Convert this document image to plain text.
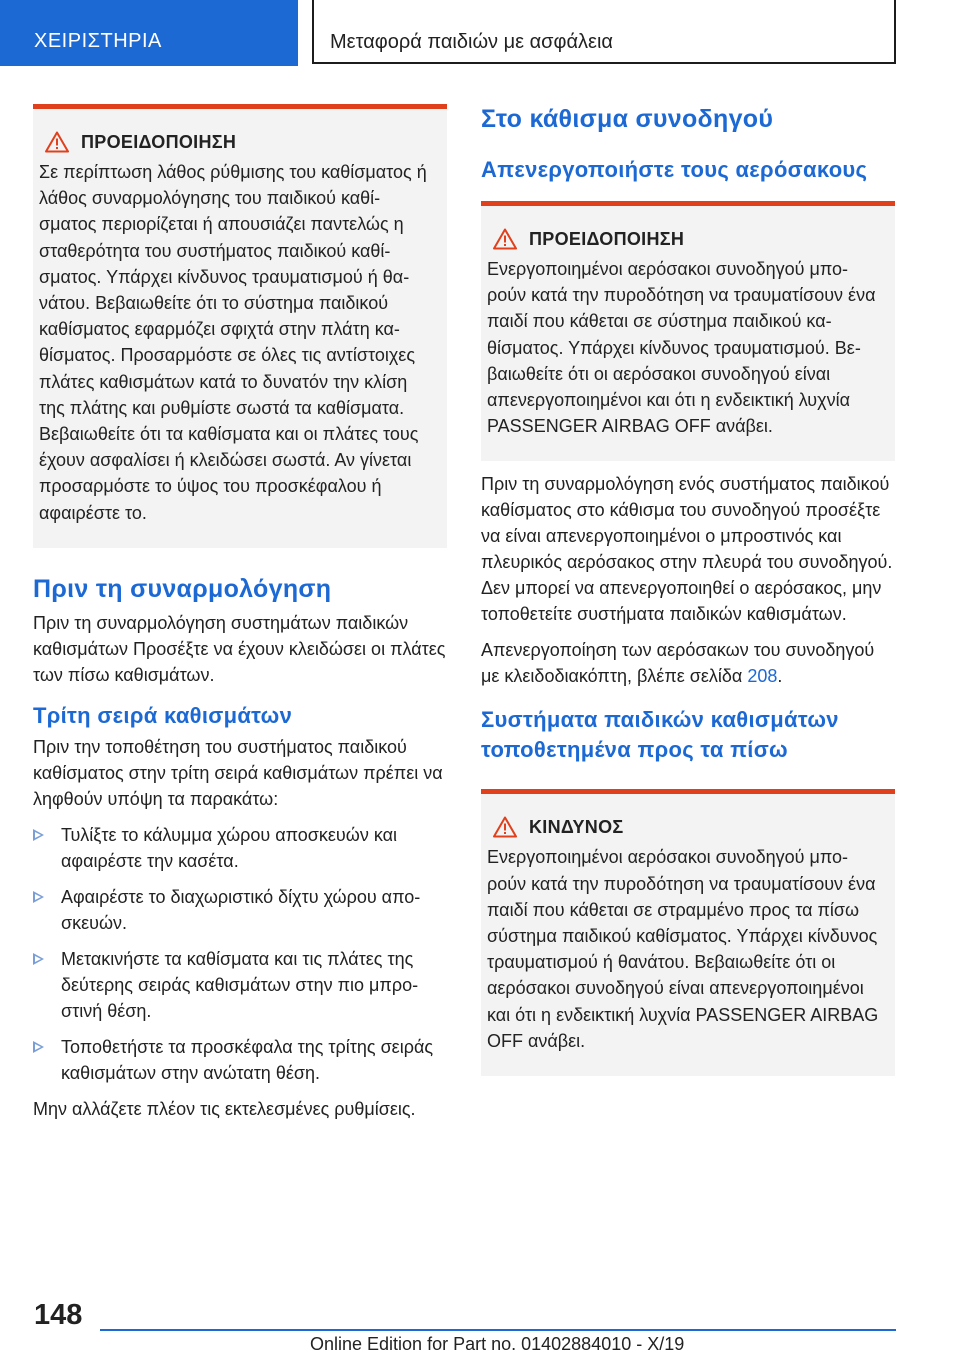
ΧΕΙΡΙΣΤΗΡΙΑ	Μεταφορά παιδιών με ασφάλεια
ΠΡΟΕΙΔΟΠΟΙΗΣΗ
Σε περίπτωση λάθος ρύθμισης του καθίσματος ή λάθος συναρμολόγησης του παιδικού καθίσματος περιορίζεται ή απουσιάζει παντελώς η σταθερότητα του συστήματος παιδικού καθίσματος. Υπάρχει κίνδυνος τραυματισμού ή θανάτου. Βεβαιωθείτε ότι το σύστημα παιδικού καθίσματος εφαρμόζει σφιχτά στην πλάτη καθίσματος. Προσαρμόστε σε όλες τις αντίστοιχες πλάτες καθισμάτων κατά το δυνατόν την κλίση της πλάτης και ρυθμίστε σωστά τα καθίσματα. Βεβαιωθείτε ότι τα καθίσματα και οι πλάτες τους έχουν ασφαλίσει ή κλειδώσει σωστά. Αν γίνεται προσαρμόστε το ύψος του προσκέφαλου ή αφαιρέστε το.
Πριν τη συναρμολόγηση
Πριν τη συναρμολόγηση συστημάτων παιδικών καθισμάτων Προσέξτε να έχουν κλειδώσει οι πλάτες των πίσω καθισμάτων.
Τρίτη σειρά καθισμάτων
Πριν την τοποθέτηση του συστήματος παιδικού καθίσματος στην τρίτη σειρά καθισμάτων πρέπει να ληφθούν υπόψη τα παρακάτω:
Τυλίξτε το κάλυμμα χώρου αποσκευών και αφαιρέστε την κασέτα.
Αφαιρέστε το διαχωριστικό δίχτυ χώρου αποσκευών.
Μετακινήστε τα καθίσματα και τις πλάτες της δεύτερης σειράς καθισμάτων στην πιο μπροστινή θέση.
Τοποθετήστε τα προσκέφαλα της τρίτης σειράς καθισμάτων στην ανώτατη θέση.
Μην αλλάζετε πλέον τις εκτελεσμένες ρυθμίσεις.
Στο κάθισμα συνοδηγού
Απενεργοποιήστε τους αερόσακους
ΠΡΟΕΙΔΟΠΟΙΗΣΗ
Ενεργοποιημένοι αερόσακοι συνοδηγού μπορούν κατά την πυροδότηση να τραυματίσουν ένα παιδί που κάθεται σε σύστημα παιδικού καθίσματος. Υπάρχει κίνδυνος τραυματισμού. Βεβαιωθείτε ότι οι αερόσακοι συνοδηγού είναι απενεργοποιημένοι και ότι η ενδεικτική λυχνία PASSENGER AIRBAG OFF ανάβει.
Πριν τη συναρμολόγηση ενός συστήματος παιδικού καθίσματος στο κάθισμα του συνοδηγού προσέξτε να είναι απενεργοποιημένοι ο μπροστινός και πλευρικός αερόσακος στην πλευρά του συνοδηγού. Δεν μπορεί να απενεργοποιηθεί ο αερόσακος, μην τοποθετείτε συστήματα παιδικών καθισμάτων.
Απενεργοποίηση των αερόσακων του συνοδηγού με κλειδοδιακόπτη, βλέπε σελίδα 208.
Συστήματα παιδικών καθισμάτων τοποθετημένα προς τα πίσω
ΚΙΝΔΥΝΟΣ
Ενεργοποιημένοι αερόσακοι συνοδηγού μπορούν κατά την πυροδότηση να τραυματίσουν ένα παιδί που κάθεται σε στραμμένο προς τα πίσω σύστημα παιδικού καθίσματος. Υπάρχει κίνδυνος τραυματισμού ή θανάτου. Βεβαιωθείτε ότι οι αερόσακοι συνοδηγού είναι απενεργοποιημένοι και ότι η ενδεικτική λυχνία PASSENGER AIRBAG OFF ανάβει.
148
Online Edition for Part no. 01402884010 - X/19
